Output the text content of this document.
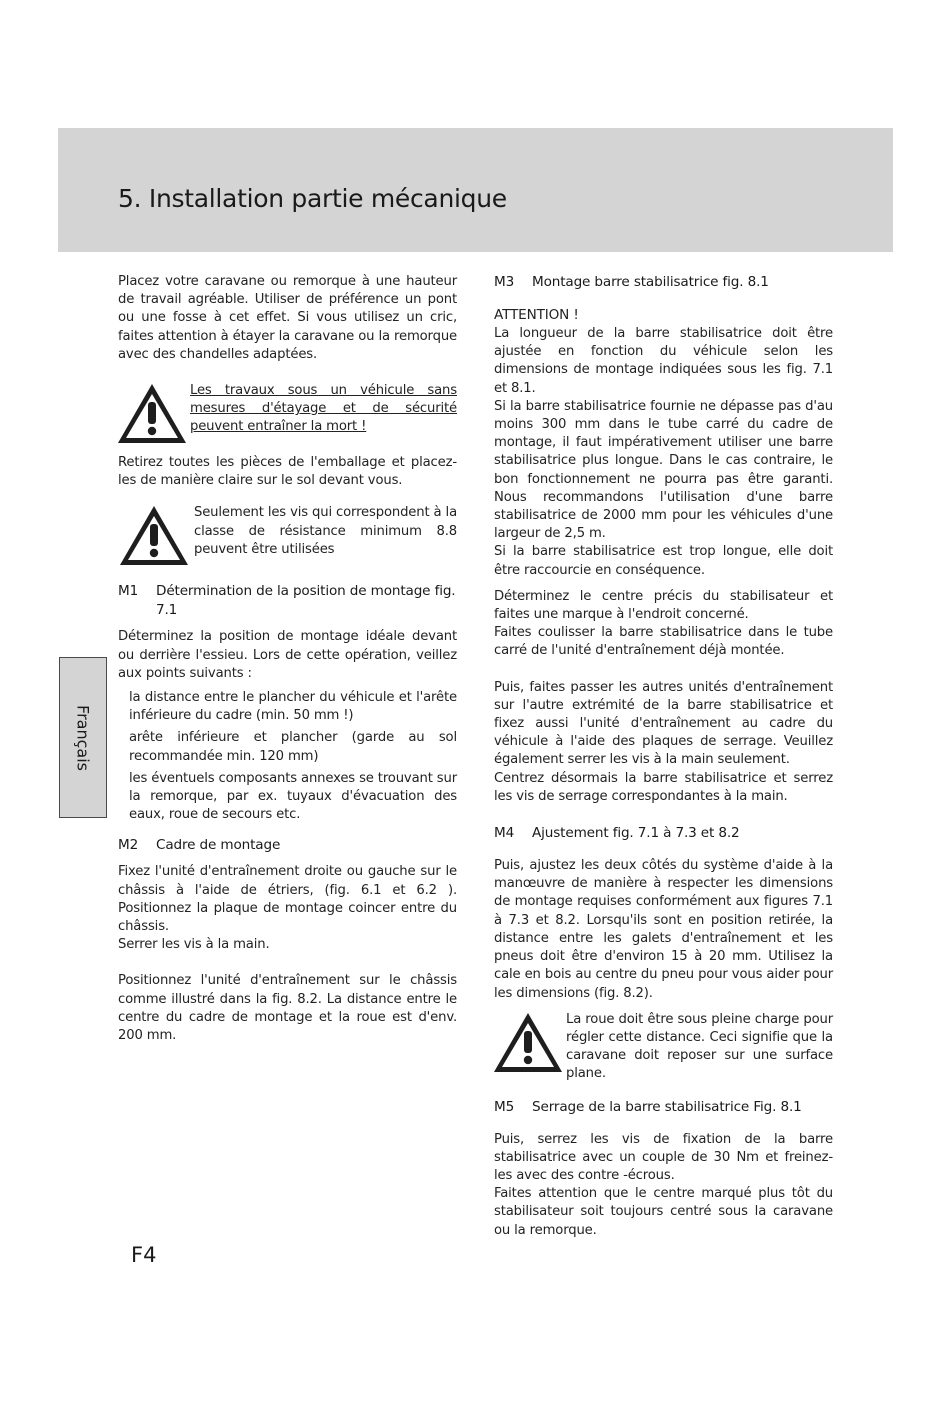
5. Installation partie mécanique
Français

Placez votre caravane ou remorque à une hauteur de travail agréable. Utiliser de préférence un pont ou une fosse à cet effet. Si vous utilisez un cric, faites attention à étayer la caravane ou la remorque avec des chandelles adaptées.

Les travaux sous un véhicule sans mesures d'étayage et de sécurité peuvent entraîner la mort !

Retirez toutes les pièces de l'emballage et placez-les de manière claire sur le sol devant vous.

Seulement les vis qui correspondent à la classe de résistance minimum 8.8 peuvent être utilisées

M1	Détermination de la position de montage fig. 7.1

Déterminez la position de montage idéale devant ou derrière l'essieu. Lors de cette opération, veillez aux points suivants :

la distance entre le plancher du véhicule et l'arête inférieure du cadre (min. 50 mm !)
arête inférieure et plancher (garde au sol recommandée min. 120 mm)
les éventuels composants annexes se trouvant sur la remorque, par ex. tuyaux d'évacuation des eaux, roue de secours etc.
M2	Cadre de montage

Fixez l'unité d'entraînement droite ou gauche sur le châssis à l'aide de étriers, (fig. 6.1 et 6.2 ). Positionnez la plaque de montage coincer entre du châssis.

Serrer les vis à la main.

Positionnez l'unité d'entraînement sur le châssis comme illustré dans la fig. 8.2. La distance entre le centre du cadre de montage et la roue est d'env. 200 mm.

M3	Montage barre stabilisatrice fig. 8.1

ATTENTION !

La longueur de la barre stabilisatrice doit être ajustée en fonction du véhicule selon les dimensions de montage indiquées sous les fig. 7.1 et 8.1.

Si la barre stabilisatrice fournie ne dépasse pas d'au moins 300 mm dans le tube carré du cadre de montage, il faut impérativement utiliser une barre stabilisatrice plus longue. Dans le cas contraire, le bon fonctionnement ne pourra pas être garanti. Nous recommandons l'utilisation d'une barre stabilisatrice de 2000 mm pour les véhicules d'une largeur de 2,5 m.

Si la barre stabilisatrice est trop longue, elle doit être raccourcie en conséquence.

Déterminez le centre précis du stabilisateur et faites une marque à l'endroit concerné.

Faites coulisser la barre stabilisatrice dans le tube carré de l'unité d'entraînement déjà montée.

Puis, faites passer les autres unités d'entraînement sur l'autre extrémité de la barre stabilisatrice et fixez aussi l'unité d'entraînement au cadre du véhicule à l'aide des plaques de serrage. Veuillez également serrer les vis à la main seulement.

Centrez désormais la barre stabilisatrice et serrez les vis de serrage correspondantes à la main.

M4	Ajustement fig. 7.1 à 7.3 et 8.2

Puis, ajustez les deux côtés du système d'aide à la manœuvre de manière à respecter les dimensions de montage requises conformément aux figures 7.1 à 7.3 et 8.2. Lorsqu'ils sont en position retirée, la distance entre les galets d'entraînement et les pneus doit être d'environ 15 à 20 mm. Utilisez la cale en bois au centre du pneu pour vous aider pour les dimensions (fig. 8.2).

La roue doit être sous pleine charge pour régler cette distance. Ceci signifie que la caravane doit reposer sur une surface plane.

M5	Serrage de la barre stabilisatrice Fig. 8.1

Puis, serrez les vis de fixation de la barre stabilisatrice avec un couple de 30 Nm et freinez-les avec des contre -écrous.

Faites attention que le centre marqué plus tôt du stabilisateur soit toujours centré sous la caravane ou la remorque.

F4
